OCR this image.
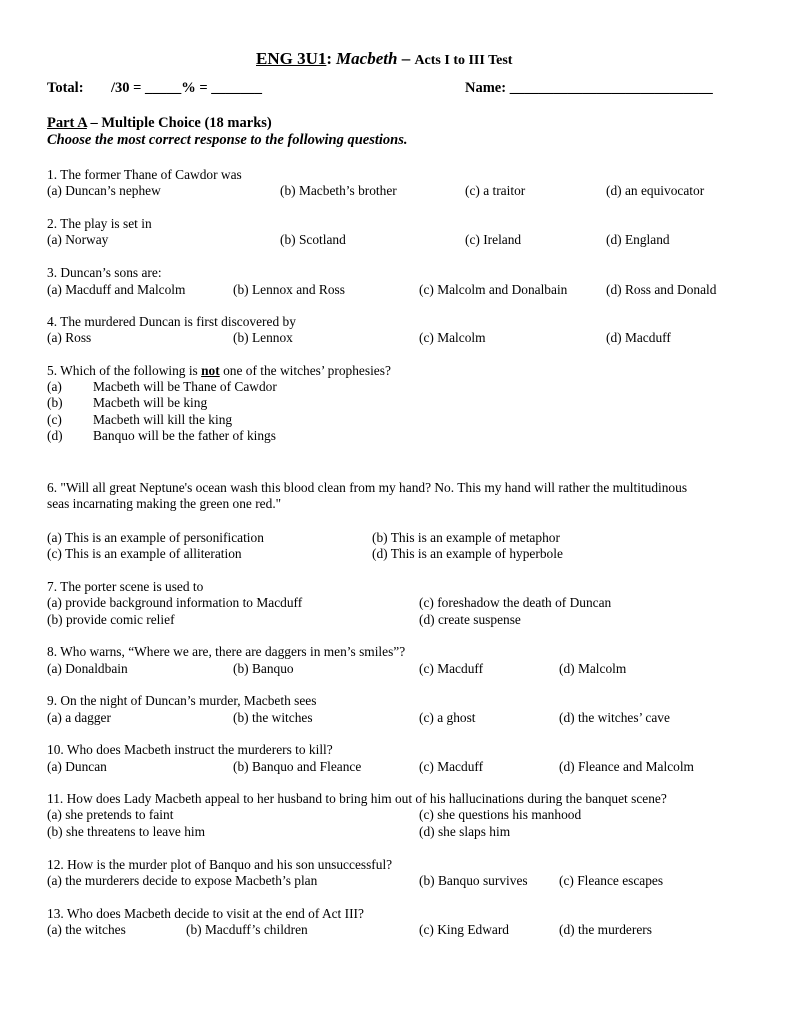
ENG 3U1: Macbeth – Acts I to III Test
Total: /30 = _____% = _______	Name: ____________________________
Part A – Multiple Choice (18 marks)
Choose the most correct response to the following questions.
1. The former Thane of Cawdor was
(a) Duncan’s nephew	(b) Macbeth’s brother	(c) a traitor	(d) an equivocator
2. The play is set in
(a) Norway	(b) Scotland	(c) Ireland	(d) England
3. Duncan’s sons are:
(a) Macduff and Malcolm	(b) Lennox and Ross	(c) Malcolm and Donalbain	(d) Ross and Donald
4. The murdered Duncan is first discovered by
(a) Ross	(b) Lennox	(c) Malcolm	(d) Macduff
5. Which of the following is not one of the witches’ prophesies?
(a) Macbeth will be Thane of Cawdor
(b) Macbeth will be king
(c) Macbeth will kill the king
(d) Banquo will be the father of kings
6. "Will all great Neptune's ocean wash this blood clean from my hand? No. This my hand will rather the multitudinous
seas incarnating making the green one red."
(a) This is an example of personification	(b) This is an example of metaphor
(c) This is an example of alliteration	(d) This is an example of hyperbole
7. The porter scene is used to
(a) provide background information to Macduff	(c) foreshadow the death of Duncan
(b) provide comic relief	(d) create suspense
8. Who warns, “Where we are, there are daggers in men’s smiles”?
(a) Donaldbain	(b) Banquo	(c) Macduff	(d) Malcolm
9. On the night of Duncan’s murder, Macbeth sees
(a) a dagger	(b) the witches	(c) a ghost	(d) the witches’ cave
10. Who does Macbeth instruct the murderers to kill?
(a) Duncan	(b) Banquo and Fleance	(c) Macduff	(d) Fleance and Malcolm
11. How does Lady Macbeth appeal to her husband to bring him out of his hallucinations during the banquet scene?
(a) she pretends to faint	(c) she questions his manhood
(b) she threatens to leave him	(d) she slaps him
12. How is the murder plot of Banquo and his son unsuccessful?
(a) the murderers decide to expose Macbeth’s plan	(b) Banquo survives (c) Fleance escapes
13. Who does Macbeth decide to visit at the end of Act III?
(a) the witches	(b) Macduff’s children	(c) King Edward	(d) the murderers
